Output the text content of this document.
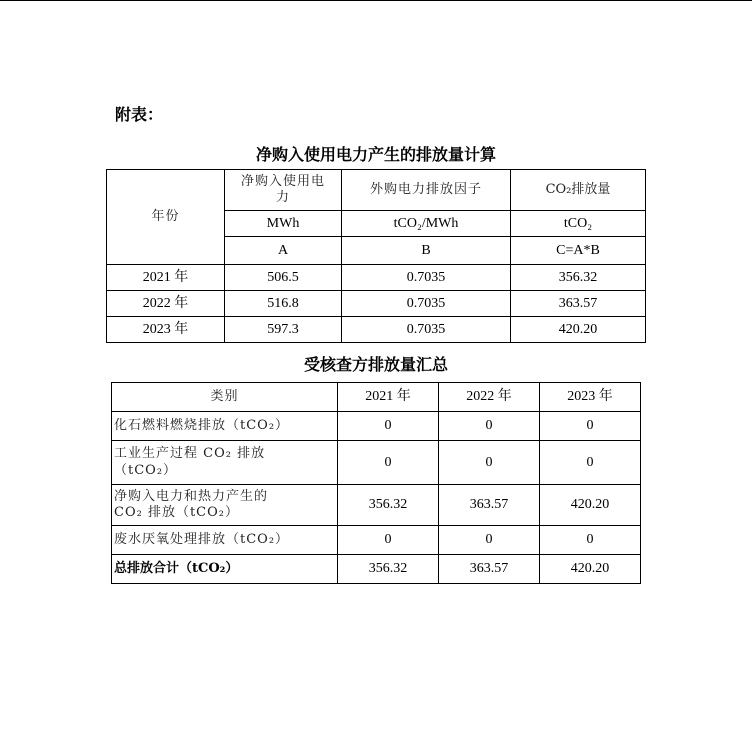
附表：
净购入使用电力产生的排放量计算
年份	净购入使用电力	外购电力排放因子	CO₂排放量
	MWh	tCO₂/MWh	tCO₂
	A	B	C=A*B
2021 年	506.5	0.7035	356.32
2022 年	516.8	0.7035	363.57
2023 年	597.3	0.7035	420.20
受核查方排放量汇总
类别	2021 年	2022 年	2023 年
化石燃料燃烧排放（tCO₂）	0	0	0
工业生产过程 CO₂ 排放（tCO₂）	0	0	0
净购入电力和热力产生的 CO₂ 排放（tCO₂）	356.32	363.57	420.20
废水厌氧处理排放（tCO₂）	0	0	0
总排放合计（tCO₂）	356.32	363.57	420.20
